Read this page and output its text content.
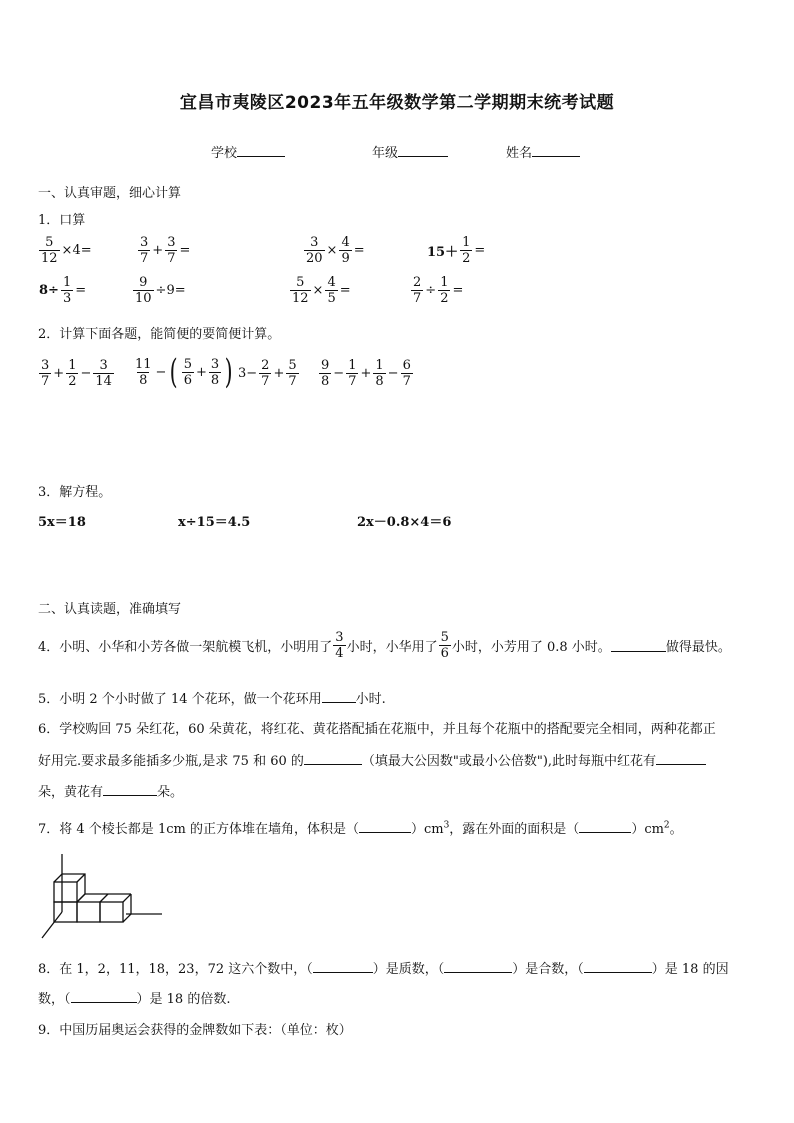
宜昌市夷陵区2023年五年级数学第二学期期末统考试题
学校	年级	姓名
一、认真审题，细心计算
1．口算
$\frac{5}{12} \times 4=$	$\frac{3}{7} + \frac{3}{7}$ =	$\frac{3}{20} \times \frac{4}{9}$ =	$15+ \frac{1}{2}$ =
$8\div \frac{1}{3}$ =	$\frac{9}{10} \div 9=$	$\frac{5}{12} \times \frac{4}{5}$ =	$\frac{2}{7} \div \frac{1}{2}$ =
2．计算下面各题，能简便的要简便计算。
$\frac{3}{7} + \frac{1}{2} - \frac{3}{14} \frac{11}{8}$ − ( $\frac{5}{6} + \frac{3}{8}$ ) $3- \frac{2}{7} + \frac{5}{7} \frac{9}{8} - \frac{1}{7} + \frac{1}{8} - \frac{6}{7}$
3．解方程。
5x＝18	x÷15＝4.5	2x－0.8×4＝6
二、认真读题，准确填写
4．小明、小华和小芳各做一架航模飞机，小明用了 $\frac{3}{4}$ 小时，小华用了 $\frac{5}{6}$ 小时，小芳用了 0.8 小时。	做得最快。
5．小明 2 个小时做了 14 个花环，做一个花环用	小时.
6．学校购回 75 朵红花，60 朵黄花，将红花、黄花搭配插在花瓶中，并且每个花瓶中的搭配要完全相同，两种花都正
好用完.要求最多能插多少瓶,是求 75 和 60 的	（填最大公因数"或最小公倍数"),此时每瓶中红花有
朵，黄花有	朵。
7．将 4 个棱长都是 1cm 的正方体堆在墙角，体积是（	）$cm^3$，露在外面的面积是（	）$cm^2$。
8．在 1，2，11，18，23，72 这六个数中，（	）是质数，（	）是合数，（	）是 18 的因
数，（	）是 18 的倍数.
9．中国历届奥运会获得的金牌数如下表：（单位：枚）
